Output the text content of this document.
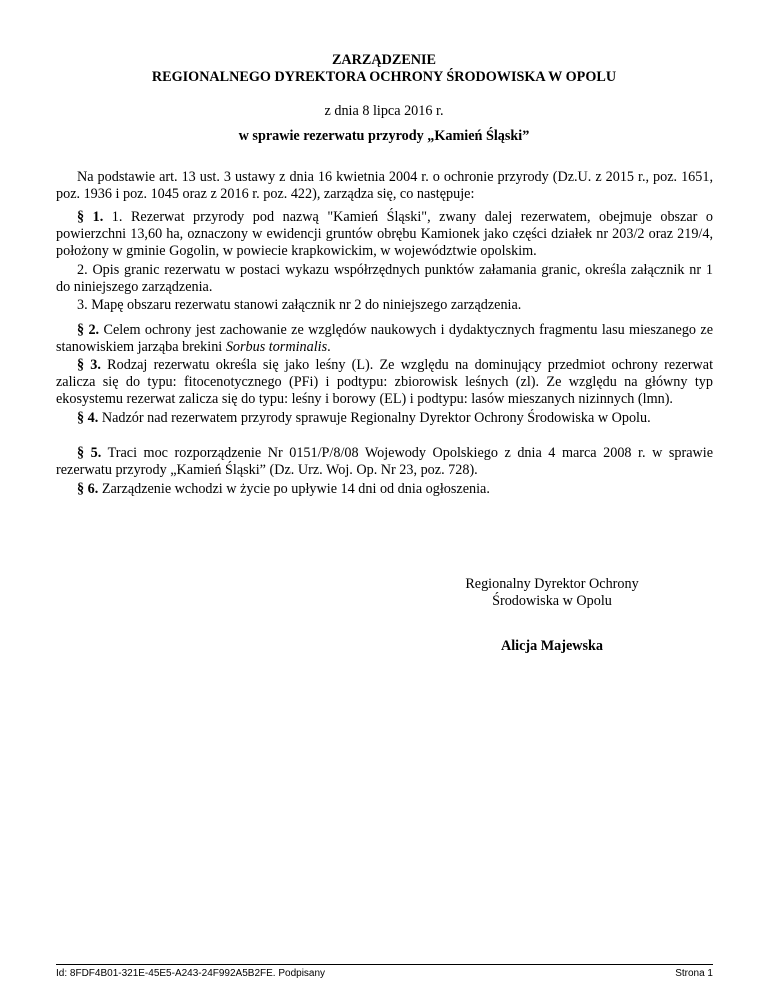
ZARZĄDZENIE
REGIONALNEGO DYREKTORA OCHRONY ŚRODOWISKA W OPOLU
z dnia 8 lipca 2016 r.
w sprawie rezerwatu przyrody „Kamień Śląski”

Na podstawie art. 13 ust. 3 ustawy z dnia 16 kwietnia 2004 r. o ochronie przyrody (Dz.U. z 2015 r., poz. 1651, poz. 1936 i poz. 1045 oraz z 2016 r. poz. 422), zarządza się, co następuje:

§ 1. 1. Rezerwat przyrody pod nazwą "Kamień Śląski", zwany dalej rezerwatem, obejmuje obszar o powierzchni 13,60 ha, oznaczony w ewidencji gruntów obrębu Kamionek jako części działek nr 203/2 oraz 219/4, położony w gminie Gogolin, w powiecie krapkowickim, w województwie opolskim.

2. Opis granic rezerwatu w postaci wykazu współrzędnych punktów załamania granic, określa załącznik nr 1 do niniejszego zarządzenia.

3. Mapę obszaru rezerwatu stanowi załącznik nr 2 do niniejszego zarządzenia.

§ 2. Celem ochrony jest zachowanie ze względów naukowych i dydaktycznych fragmentu lasu mieszanego ze stanowiskiem jarząba brekini Sorbus torminalis.

§ 3. Rodzaj rezerwatu określa się jako leśny (L). Ze względu na dominujący przedmiot ochrony rezerwat zalicza się do typu: fitocenotycznego (PFi) i podtypu: zbiorowisk leśnych (zl). Ze względu na główny typ ekosystemu rezerwat zalicza się do typu: leśny i borowy (EL) i podtypu: lasów mieszanych nizinnych (lmn).

§ 4. Nadzór nad rezerwatem przyrody sprawuje Regionalny Dyrektor Ochrony Środowiska w Opolu.

§ 5. Traci moc rozporządzenie Nr 0151/P/8/08 Wojewody Opolskiego z dnia 4 marca 2008 r. w sprawie rezerwatu przyrody „Kamień Śląski” (Dz. Urz. Woj. Op. Nr 23, poz. 728).

§ 6. Zarządzenie wchodzi w życie po upływie 14 dni od dnia ogłoszenia.

Regionalny Dyrektor Ochrony
Środowiska w Opolu
Alicja Majewska
Id: 8FDF4B01-321E-45E5-A243-24F992A5B2FE. Podpisany	Strona 1
